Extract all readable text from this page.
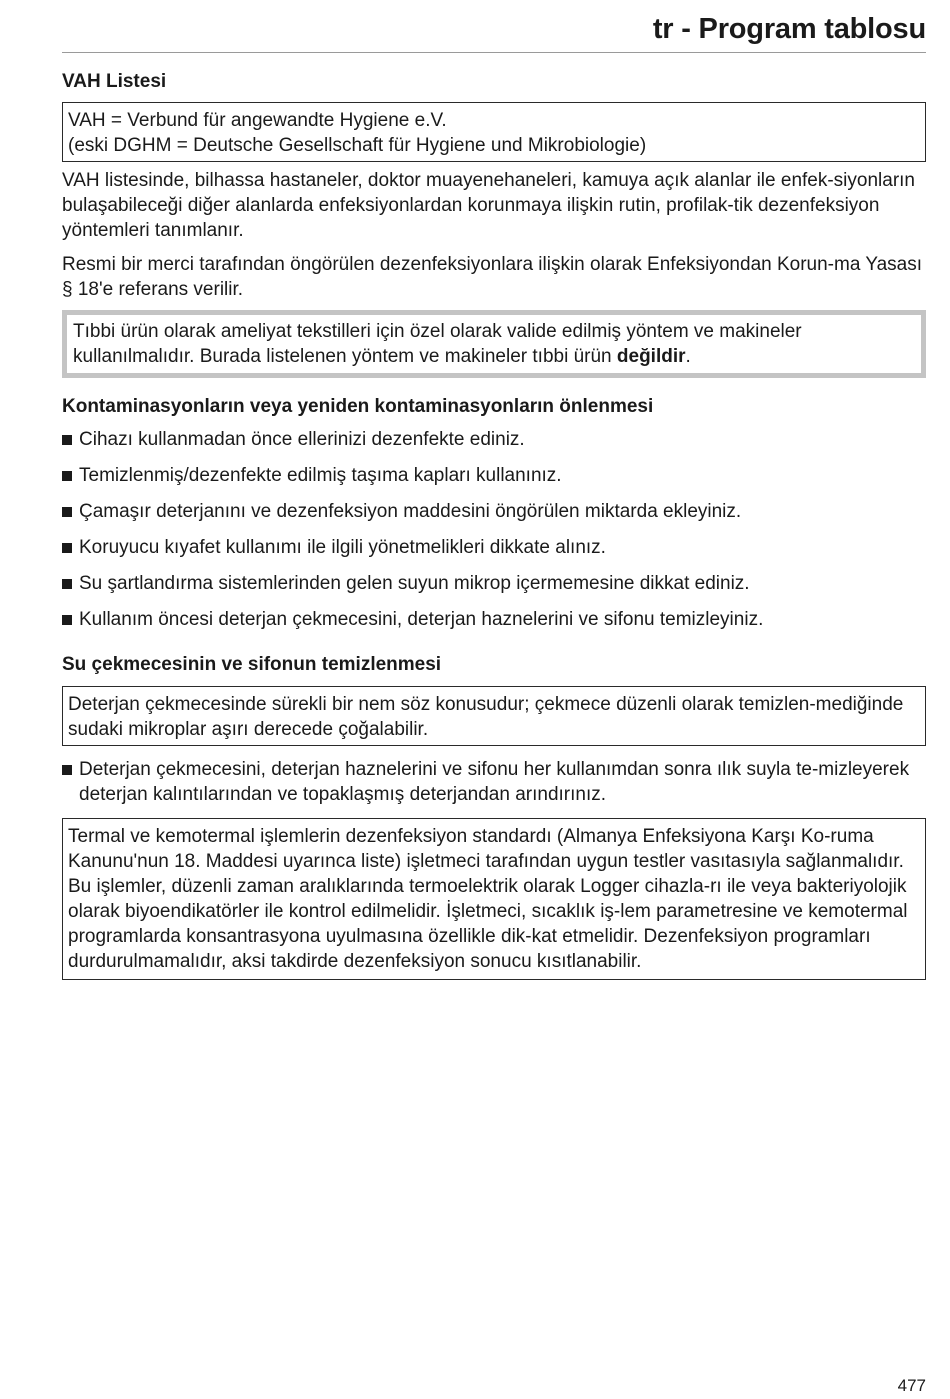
tr - Program tablosu
VAH Listesi
VAH = Verbund für angewandte Hygiene e.V.
(eski DGHM = Deutsche Gesellschaft für Hygiene und Mikrobiologie)

VAH listesinde, bilhassa hastaneler, doktor muayenehaneleri, kamuya açık alanlar ile enfek-siyonların bulaşabileceği diğer alanlarda enfeksiyonlardan korunmaya ilişkin rutin, profilak-tik dezenfeksiyon yöntemleri tanımlanır.

Resmi bir merci tarafından öngörülen dezenfeksiyonlara ilişkin olarak Enfeksiyondan Korun-ma Yasası § 18'e referans verilir.

Tıbbi ürün olarak ameliyat tekstilleri için özel olarak valide edilmiş yöntem ve makineler kullanılmalıdır. Burada listelenen yöntem ve makineler tıbbi ürün değildir.

Kontaminasyonların veya yeniden kontaminasyonların önlenmesi
Cihazı kullanmadan önce ellerinizi dezenfekte ediniz.
Temizlenmiş/dezenfekte edilmiş taşıma kapları kullanınız.
Çamaşır deterjanını ve dezenfeksiyon maddesini öngörülen miktarda ekleyiniz.
Koruyucu kıyafet kullanımı ile ilgili yönetmelikleri dikkate alınız.
Su şartlandırma sistemlerinden gelen suyun mikrop içermemesine dikkat ediniz.
Kullanım öncesi deterjan çekmecesini, deterjan haznelerini ve sifonu temizleyiniz.
Su çekmecesinin ve sifonun temizlenmesi

Deterjan çekmecesinde sürekli bir nem söz konusudur; çekmece düzenli olarak temizlen-mediğinde sudaki mikroplar aşırı derecede çoğalabilir.

Deterjan çekmecesini, deterjan haznelerini ve sifonu her kullanımdan sonra ılık suyla te-mizleyerek deterjan kalıntılarından ve topaklaşmış deterjandan arındırınız.

Termal ve kemotermal işlemlerin dezenfeksiyon standardı (Almanya Enfeksiyona Karşı Ko-ruma Kanunu'nun 18. Maddesi uyarınca liste) işletmeci tarafından uygun testler vasıtasıyla sağlanmalıdır. Bu işlemler, düzenli zaman aralıklarında termoelektrik olarak Logger cihazla-rı ile veya bakteriyolojik olarak biyoendikatörler ile kontrol edilmelidir. İşletmeci, sıcaklık iş-lem parametresine ve kemotermal programlarda konsantrasyona uyulmasına özellikle dik-kat etmelidir. Dezenfeksiyon programları durdurulmamalıdır, aksi takdirde dezenfeksiyon sonucu kısıtlanabilir.

477
